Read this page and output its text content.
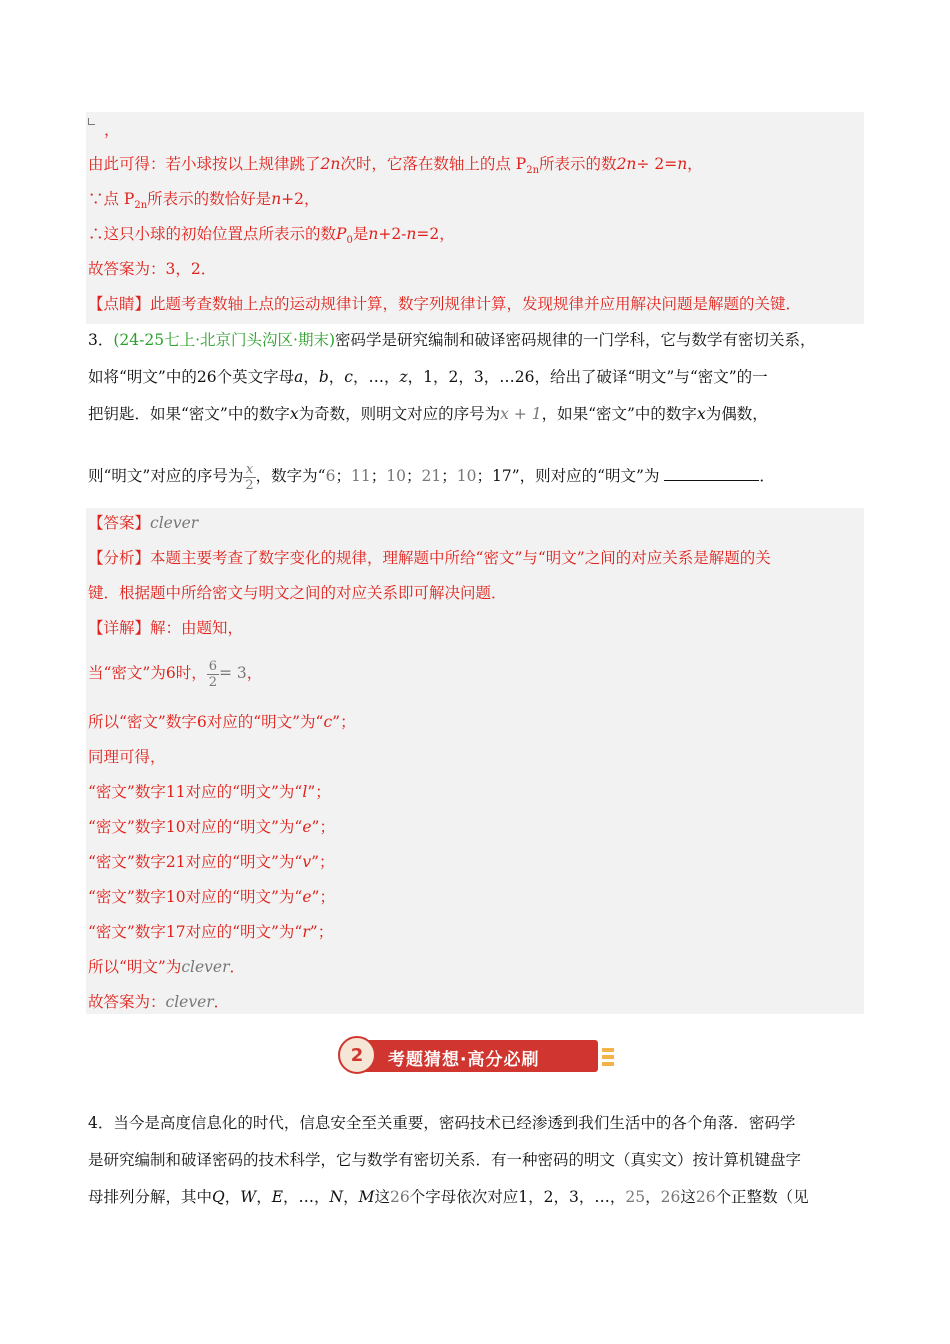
，
由此可得：若小球按以上规律跳了2n次时，它落在数轴上的点 $P_{2n}$所表示的数2n÷ 2=n，
∵点 $P_{2n}$所表示的数恰好是n+2，
∴这只小球的初始位置点所表示的数$P_0$是n+2-n=2，
故答案为：3，2．
【点睛】此题考查数轴上点的运动规律计算，数字列规律计算，发现规律并应用解决问题是解题的关键．
3．(24-25七上·北京门头沟区·期末)密码学是研究编制和破译密码规律的一门学科，它与数学有密切关系，
如将“明文”中的26个英文字母a，b，c，…，z，1，2，3，…26，给出了破译“明文”与“密文”的一
把钥匙．如果“密文”中的数字x为奇数，则明文对应的序号为x + 1，如果“密文”中的数字x为偶数，
则“明文”对应的序号为 $\frac{x}{2}$ ，数字为“6；11；10；21；10；17”，则对应的“明文”为	．
【答案】clever
【分析】本题主要考查了数字变化的规律，理解题中所给“密文”与“明文”之间的对应关系是解题的关
键．根据题中所给密文与明文之间的对应关系即可解决问题．
【详解】解：由题知，
当“密文”为6时， $\frac{6}{2} = 3$，
所以“密文”数字6对应的“明文”为“c”；
同理可得，
“密文”数字11对应的“明文”为“l”；
“密文”数字10对应的“明文”为“e”；
“密文”数字21对应的“明文”为“v”；
“密文”数字10对应的“明文”为“e”；
“密文”数字17对应的“明文”为“r”；
所以“明文”为clever．
故答案为：clever．
2	考题猜想·高分必刷
4．当今是高度信息化的时代，信息安全至关重要，密码技术已经渗透到我们生活中的各个角落．密码学
是研究编制和破译密码的技术科学，它与数学有密切关系．有一种密码的明文（真实文）按计算机键盘字
母排列分解，其中Q，W，E，…，N，M这26个字母依次对应1，2，3，…，25，26这26个正整数（见
